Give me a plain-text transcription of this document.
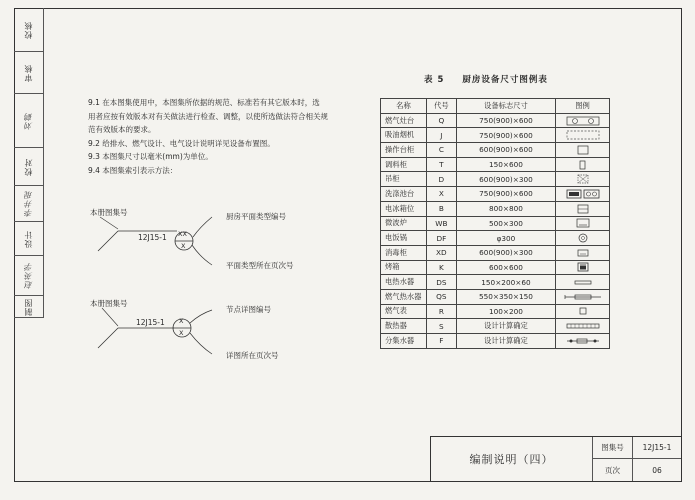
校核
审核
刘鹤
校对
李井琨
设计
赵英学
制图

9.1 在本图集使用中，本图集所依据的规范、标准若有其它版本时，选

用者应按有效版本对有关做法进行检查、调整，以使所选做法符合相关规

范有效版本的要求。

9.2 给排水、燃气设计、电气设计说明详见设备布置图。

9.3 本图集尺寸以毫米(mm)为单位。

9.4 本图集索引表示方法：

本册图集号
12J15-1 XX
X
厨房平面类型编号
平面类型所在页次号
本册图集号
12J15-1 X
X
节点详图编号
详图所在页次号
表 5 厨房设备尺寸图例表
名称	代号	设备标志尺寸	图例
燃气灶台	Q	750(900)×600	
吸油烟机	J	750(900)×600	
操作台柜	C	600(900)×600	
调料柜	T	150×600	
吊柜	D	600(900)×300	
洗涤池台	X	750(900)×600	
电冰箱位	B	800×800	
微波炉	WB	500×300	
电饭锅	DF	φ300	
消毒柜	XD	600(900)×300	
烤箱	K	600×600	
电热水器	DS	150×200×60	
燃气热水器	QS	550×350×150	
燃气表	R	100×200	
散热器	S	设计计算确定	
分集水器	F	设计计算确定	
编制说明（四）
图集号	12J15-1
页次	06
